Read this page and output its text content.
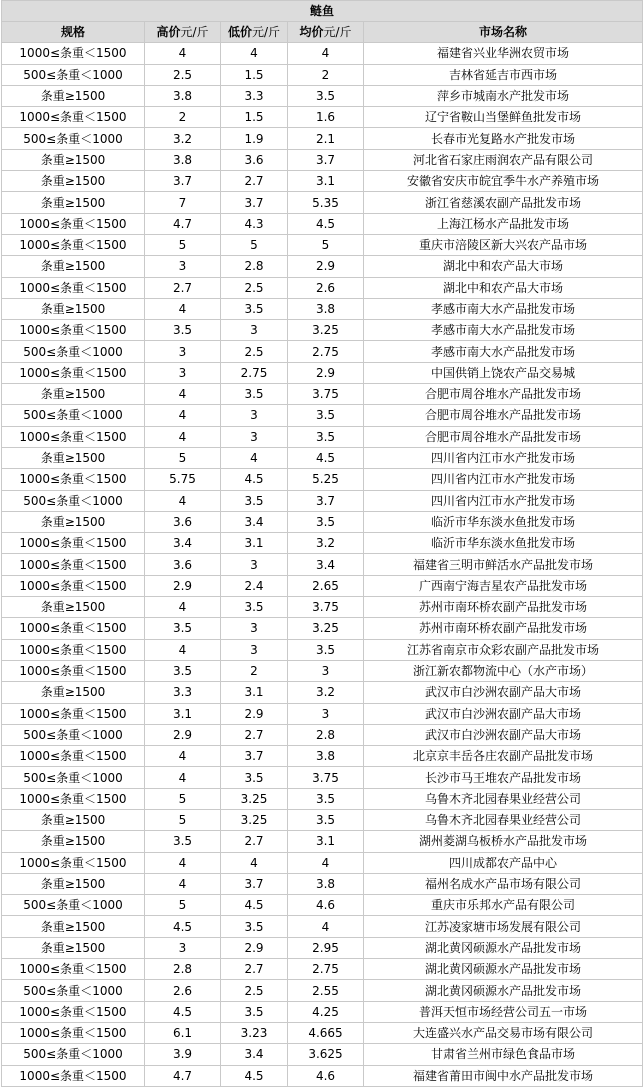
鲢鱼				
规格	高价元/斤	低价元/斤	均价元/斤	市场名称
1000≤条重＜1500	4	4	4	福建省兴业华洲农贸市场
500≤条重＜1000	2.5	1.5	2	吉林省延吉市西市场
条重≥1500	3.8	3.3	3.5	萍乡市城南水产批发市场
1000≤条重＜1500	2	1.5	1.6	辽宁省鞍山当堡鲜鱼批发市场
500≤条重＜1000	3.2	1.9	2.1	长春市光复路水产批发市场
条重≥1500	3.8	3.6	3.7	河北省石家庄雨润农产品有限公司
条重≥1500	3.7	2.7	3.1	安徽省安庆市皖宜季牛水产养殖市场
条重≥1500	7	3.7	5.35	浙江省慈溪农副产品批发市场
1000≤条重＜1500	4.7	4.3	4.5	上海江杨水产品批发市场
1000≤条重＜1500	5	5	5	重庆市涪陵区新大兴农产品市场
条重≥1500	3	2.8	2.9	湖北中和农产品大市场
1000≤条重＜1500	2.7	2.5	2.6	湖北中和农产品大市场
条重≥1500	4	3.5	3.8	孝感市南大水产品批发市场
1000≤条重＜1500	3.5	3	3.25	孝感市南大水产品批发市场
500≤条重＜1000	3	2.5	2.75	孝感市南大水产品批发市场
1000≤条重＜1500	3	2.75	2.9	中国供销上饶农产品交易城
条重≥1500	4	3.5	3.75	合肥市周谷堆水产品批发市场
500≤条重＜1000	4	3	3.5	合肥市周谷堆水产品批发市场
1000≤条重＜1500	4	3	3.5	合肥市周谷堆水产品批发市场
条重≥1500	5	4	4.5	四川省内江市水产批发市场
1000≤条重＜1500	5.75	4.5	5.25	四川省内江市水产批发市场
500≤条重＜1000	4	3.5	3.7	四川省内江市水产批发市场
条重≥1500	3.6	3.4	3.5	临沂市华东淡水鱼批发市场
1000≤条重＜1500	3.4	3.1	3.2	临沂市华东淡水鱼批发市场
1000≤条重＜1500	3.6	3	3.4	福建省三明市鲜活水产品批发市场
1000≤条重＜1500	2.9	2.4	2.65	广西南宁海吉星农产品批发市场
条重≥1500	4	3.5	3.75	苏州市南环桥农副产品批发市场
1000≤条重＜1500	3.5	3	3.25	苏州市南环桥农副产品批发市场
1000≤条重＜1500	4	3	3.5	江苏省南京市众彩农副产品批发市场
1000≤条重＜1500	3.5	2	3	浙江新农都物流中心（水产市场）
条重≥1500	3.3	3.1	3.2	武汉市白沙洲农副产品大市场
1000≤条重＜1500	3.1	2.9	3	武汉市白沙洲农副产品大市场
500≤条重＜1000	2.9	2.7	2.8	武汉市白沙洲农副产品大市场
1000≤条重＜1500	4	3.7	3.8	北京京丰岳各庄农副产品批发市场
500≤条重＜1000	4	3.5	3.75	长沙市马王堆农产品批发市场
1000≤条重＜1500	5	3.25	3.5	乌鲁木齐北园春果业经营公司
条重≥1500	5	3.25	3.5	乌鲁木齐北园春果业经营公司
条重≥1500	3.5	2.7	3.1	湖州菱湖乌板桥水产品批发市场
1000≤条重＜1500	4	4	4	四川成都农产品中心
条重≥1500	4	3.7	3.8	福州名成水产品市场有限公司
500≤条重＜1000	5	4.5	4.6	重庆市乐邦水产品有限公司
条重≥1500	4.5	3.5	4	江苏凌家塘市场发展有限公司
条重≥1500	3	2.9	2.95	湖北黄冈硕源水产品批发市场
1000≤条重＜1500	2.8	2.7	2.75	湖北黄冈硕源水产品批发市场
500≤条重＜1000	2.6	2.5	2.55	湖北黄冈硕源水产品批发市场
1000≤条重＜1500	4.5	3.5	4.25	普洱天恒市场经营公司五一市场
1000≤条重＜1500	6.1	3.23	4.665	大连盛兴水产品交易市场有限公司
500≤条重＜1000	3.9	3.4	3.625	甘肃省兰州市绿色食品市场
1000≤条重＜1500	4.7	4.5	4.6	福建省莆田市闽中水产品批发市场
